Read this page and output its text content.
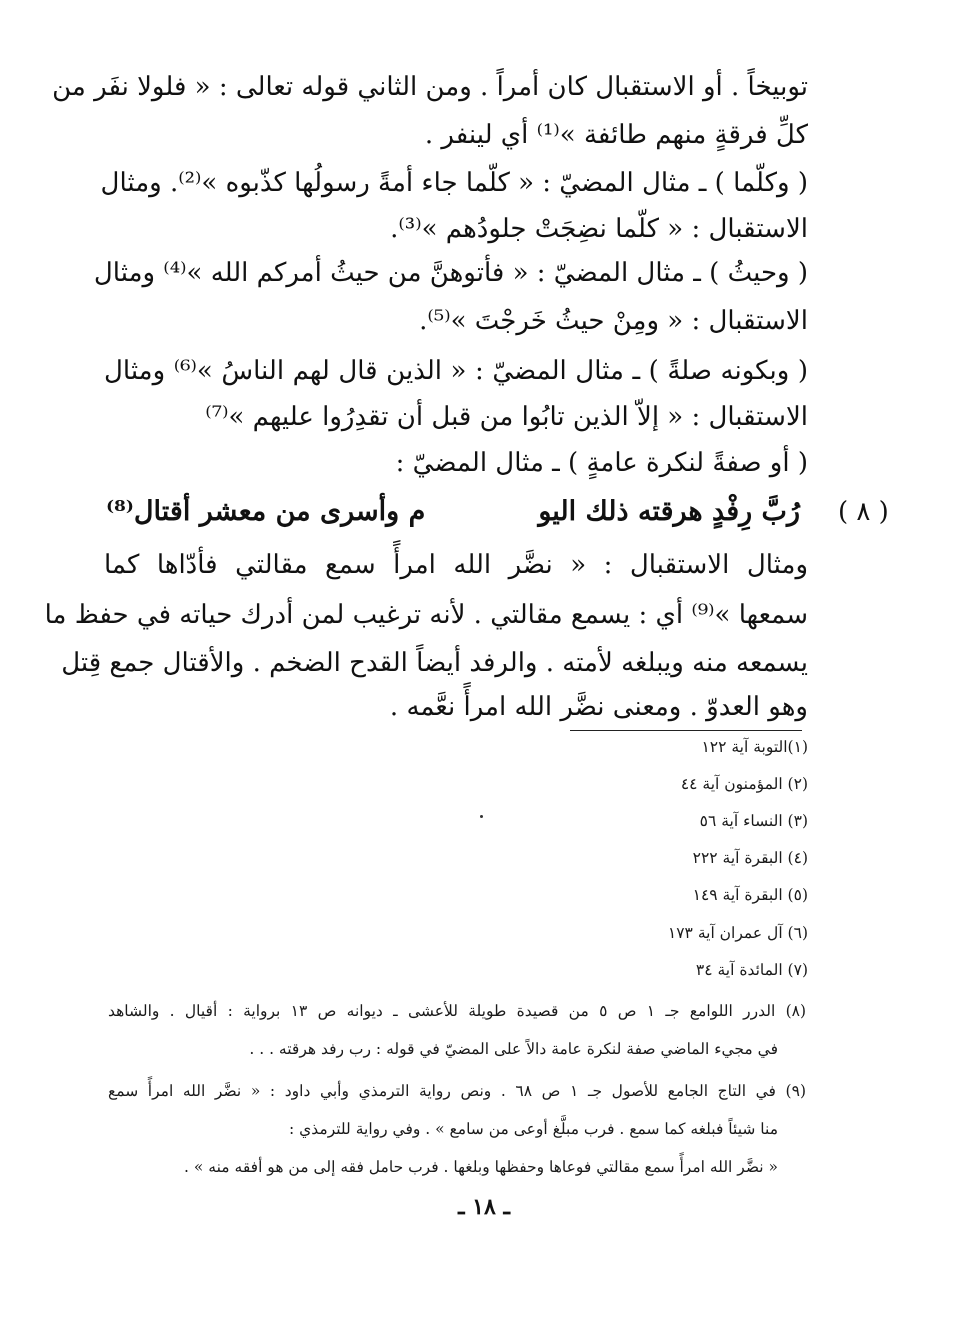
توبيخاً . أو الاستقبال كان أمراً . ومن الثاني قوله تعالى : « فلولا نفَر من
كلِّ فرقةٍ منهم طائفة »⁽¹⁾ أي لينفر .
( وكلّما ) ـ مثال المضيّ : « كلّما جاء أمةً رسولُها كذّبوه »⁽²⁾. ومثال
الاستقبال : « كلّما نضِجَتْ جلودُهم »⁽³⁾.
( وحيثُ ) ـ مثال المضيّ : « فأتوهنَّ من حيثُ أمركم الله »⁽⁴⁾ ومثال
الاستقبال : « ومِنْ حيثُ خَرجْتَ »⁽⁵⁾.
( وبكونه صلةً ) ـ مثال المضيّ : « الذين قال لهم الناسُ »⁽⁶⁾ ومثال
الاستقبال : « إلاّ الذين تابُوا من قبل أن تقدِرُوا عليهم »⁽⁷⁾
( أو صفةً لنكرة عامةٍ ) ـ مثال المضيّ :
( ٨ )
رُبَّ رِفْدٍ هرقته ذلك اليو
م وأسرى من معشر أقتال⁽⁸⁾
ومثال الاستقبال : « نضَّر الله امرأً سمع مقالتي فأدّاها كما
سمعها »⁽⁹⁾ أي : يسمع مقالتي . لأنه ترغيب لمن أدرك حياته في حفظ ما
يسمعه منه ويبلغه لأمته . والرفد أيضاً القدح الضخم . والأقتال جمع قِتل
وهو العدوّ . ومعنى نضَّر الله امرأً نعَّمه .
(١)التوبة آية ١٢٢
(٢) المؤمنون آية ٤٤
(٣) النساء آية ٥٦
(٤) البقرة آية ٢٢٢
(٥) البقرة آية ١٤٩
(٦) آل عمران آية ١٧٣
(٧) المائدة آية ٣٤
(٨) الدرر اللوامع جـ ١ ص ٥ من قصيدة طويلة للأعشى ـ ديوانه ص ١٣ برواية : أقيال . والشاهد
في مجيء الماضي صفة لنكرة عامة دالاً على المضيّ في قوله : رب رفد هرقته . . .
(٩) في التاج الجامع للأصول جـ ١ ص ٦٨ . ونص رواية الترمذي وأبي داود : « نضَّر الله امرأً سمع
منا شيئاً فبلغه كما سمع . فرب مبلَّغ أوعى من سامع » . وفي رواية للترمذي :
« نضَّر الله امرأً سمع مقالتي فوعاها وحفظها وبلغها . فرب حامل فقه إلى من هو أفقه منه » .
ـ ١٨ ـ
